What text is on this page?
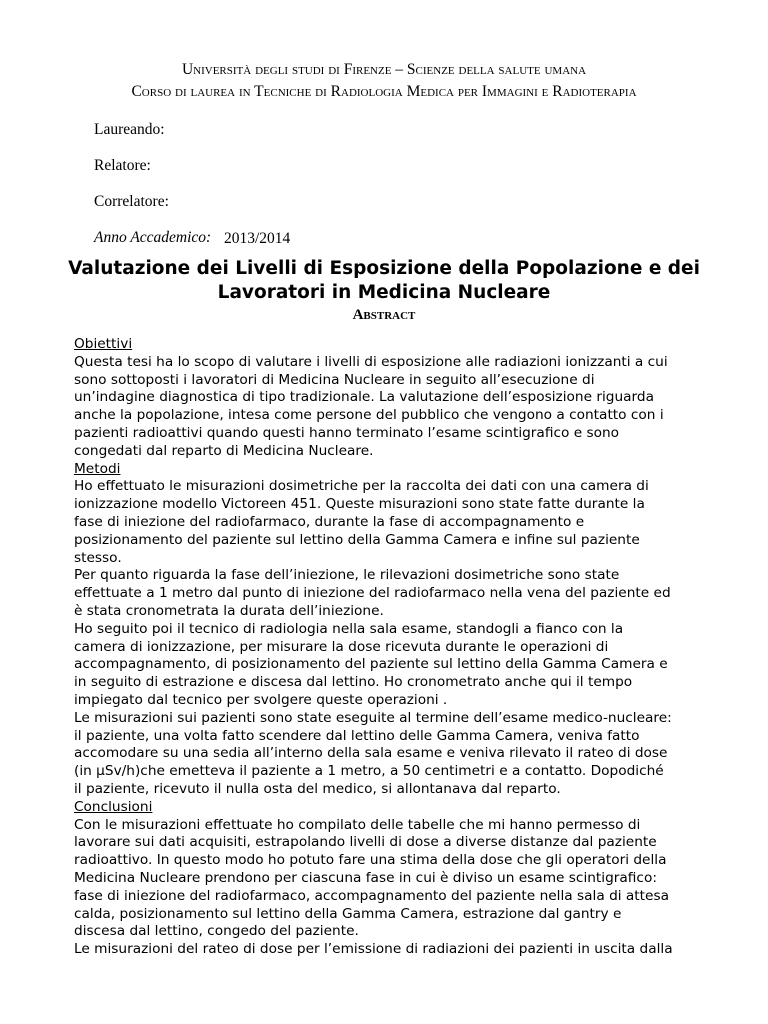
Università degli studi di Firenze – Scienze della salute umana
Corso di laurea in Tecniche di Radiologia Medica per Immagini e Radioterapia
Laureando:
Relatore:
Correlatore:
Anno Accademico: 2013/2014
Valutazione dei Livelli di Esposizione della Popolazione e dei
Lavoratori in Medicina Nucleare
Abstract
Obiettivi
Questa tesi ha lo scopo di valutare i livelli di esposizione alle radiazioni ionizzanti a cui
sono sottoposti i lavoratori di Medicina Nucleare in seguito all’esecuzione di
un’indagine diagnostica di tipo tradizionale. La valutazione dell’esposizione riguarda
anche la popolazione, intesa come persone del pubblico che vengono a contatto con i
pazienti radioattivi quando questi hanno terminato l’esame scintigrafico e sono
congedati dal reparto di Medicina Nucleare.
Metodi
Ho effettuato le misurazioni dosimetriche per la raccolta dei dati con una camera di
ionizzazione modello Victoreen 451. Queste misurazioni sono state fatte durante la
fase di iniezione del radiofarmaco, durante la fase di accompagnamento e
posizionamento del paziente sul lettino della Gamma Camera e infine sul paziente
stesso.
Per quanto riguarda la fase dell’iniezione, le rilevazioni dosimetriche sono state
effettuate a 1 metro dal punto di iniezione del radiofarmaco nella vena del paziente ed
è stata cronometrata la durata dell’iniezione.
Ho seguito poi il tecnico di radiologia nella sala esame, standogli a fianco con la
camera di ionizzazione, per misurare la dose ricevuta durante le operazioni di
accompagnamento, di posizionamento del paziente sul lettino della Gamma Camera e
in seguito di estrazione e discesa dal lettino. Ho cronometrato anche qui il tempo
impiegato dal tecnico per svolgere queste operazioni .
Le misurazioni sui pazienti sono state eseguite al termine dell’esame medico-nucleare:
il paziente, una volta fatto scendere dal lettino delle Gamma Camera, veniva fatto
accomodare su una sedia all’interno della sala esame e veniva rilevato il rateo di dose
(in µSv/h)che emetteva il paziente a 1 metro, a 50 centimetri e a contatto. Dopodiché
il paziente, ricevuto il nulla osta del medico, si allontanava dal reparto.
Conclusioni
Con le misurazioni effettuate ho compilato delle tabelle che mi hanno permesso di
lavorare sui dati acquisiti, estrapolando livelli di dose a diverse distanze dal paziente
radioattivo. In questo modo ho potuto fare una stima della dose che gli operatori della
Medicina Nucleare prendono per ciascuna fase in cui è diviso un esame scintigrafico:
fase di iniezione del radiofarmaco, accompagnamento del paziente nella sala di attesa
calda, posizionamento sul lettino della Gamma Camera, estrazione dal gantry e
discesa dal lettino, congedo del paziente.
Le misurazioni del rateo di dose per l’emissione di radiazioni dei pazienti in uscita dalla
